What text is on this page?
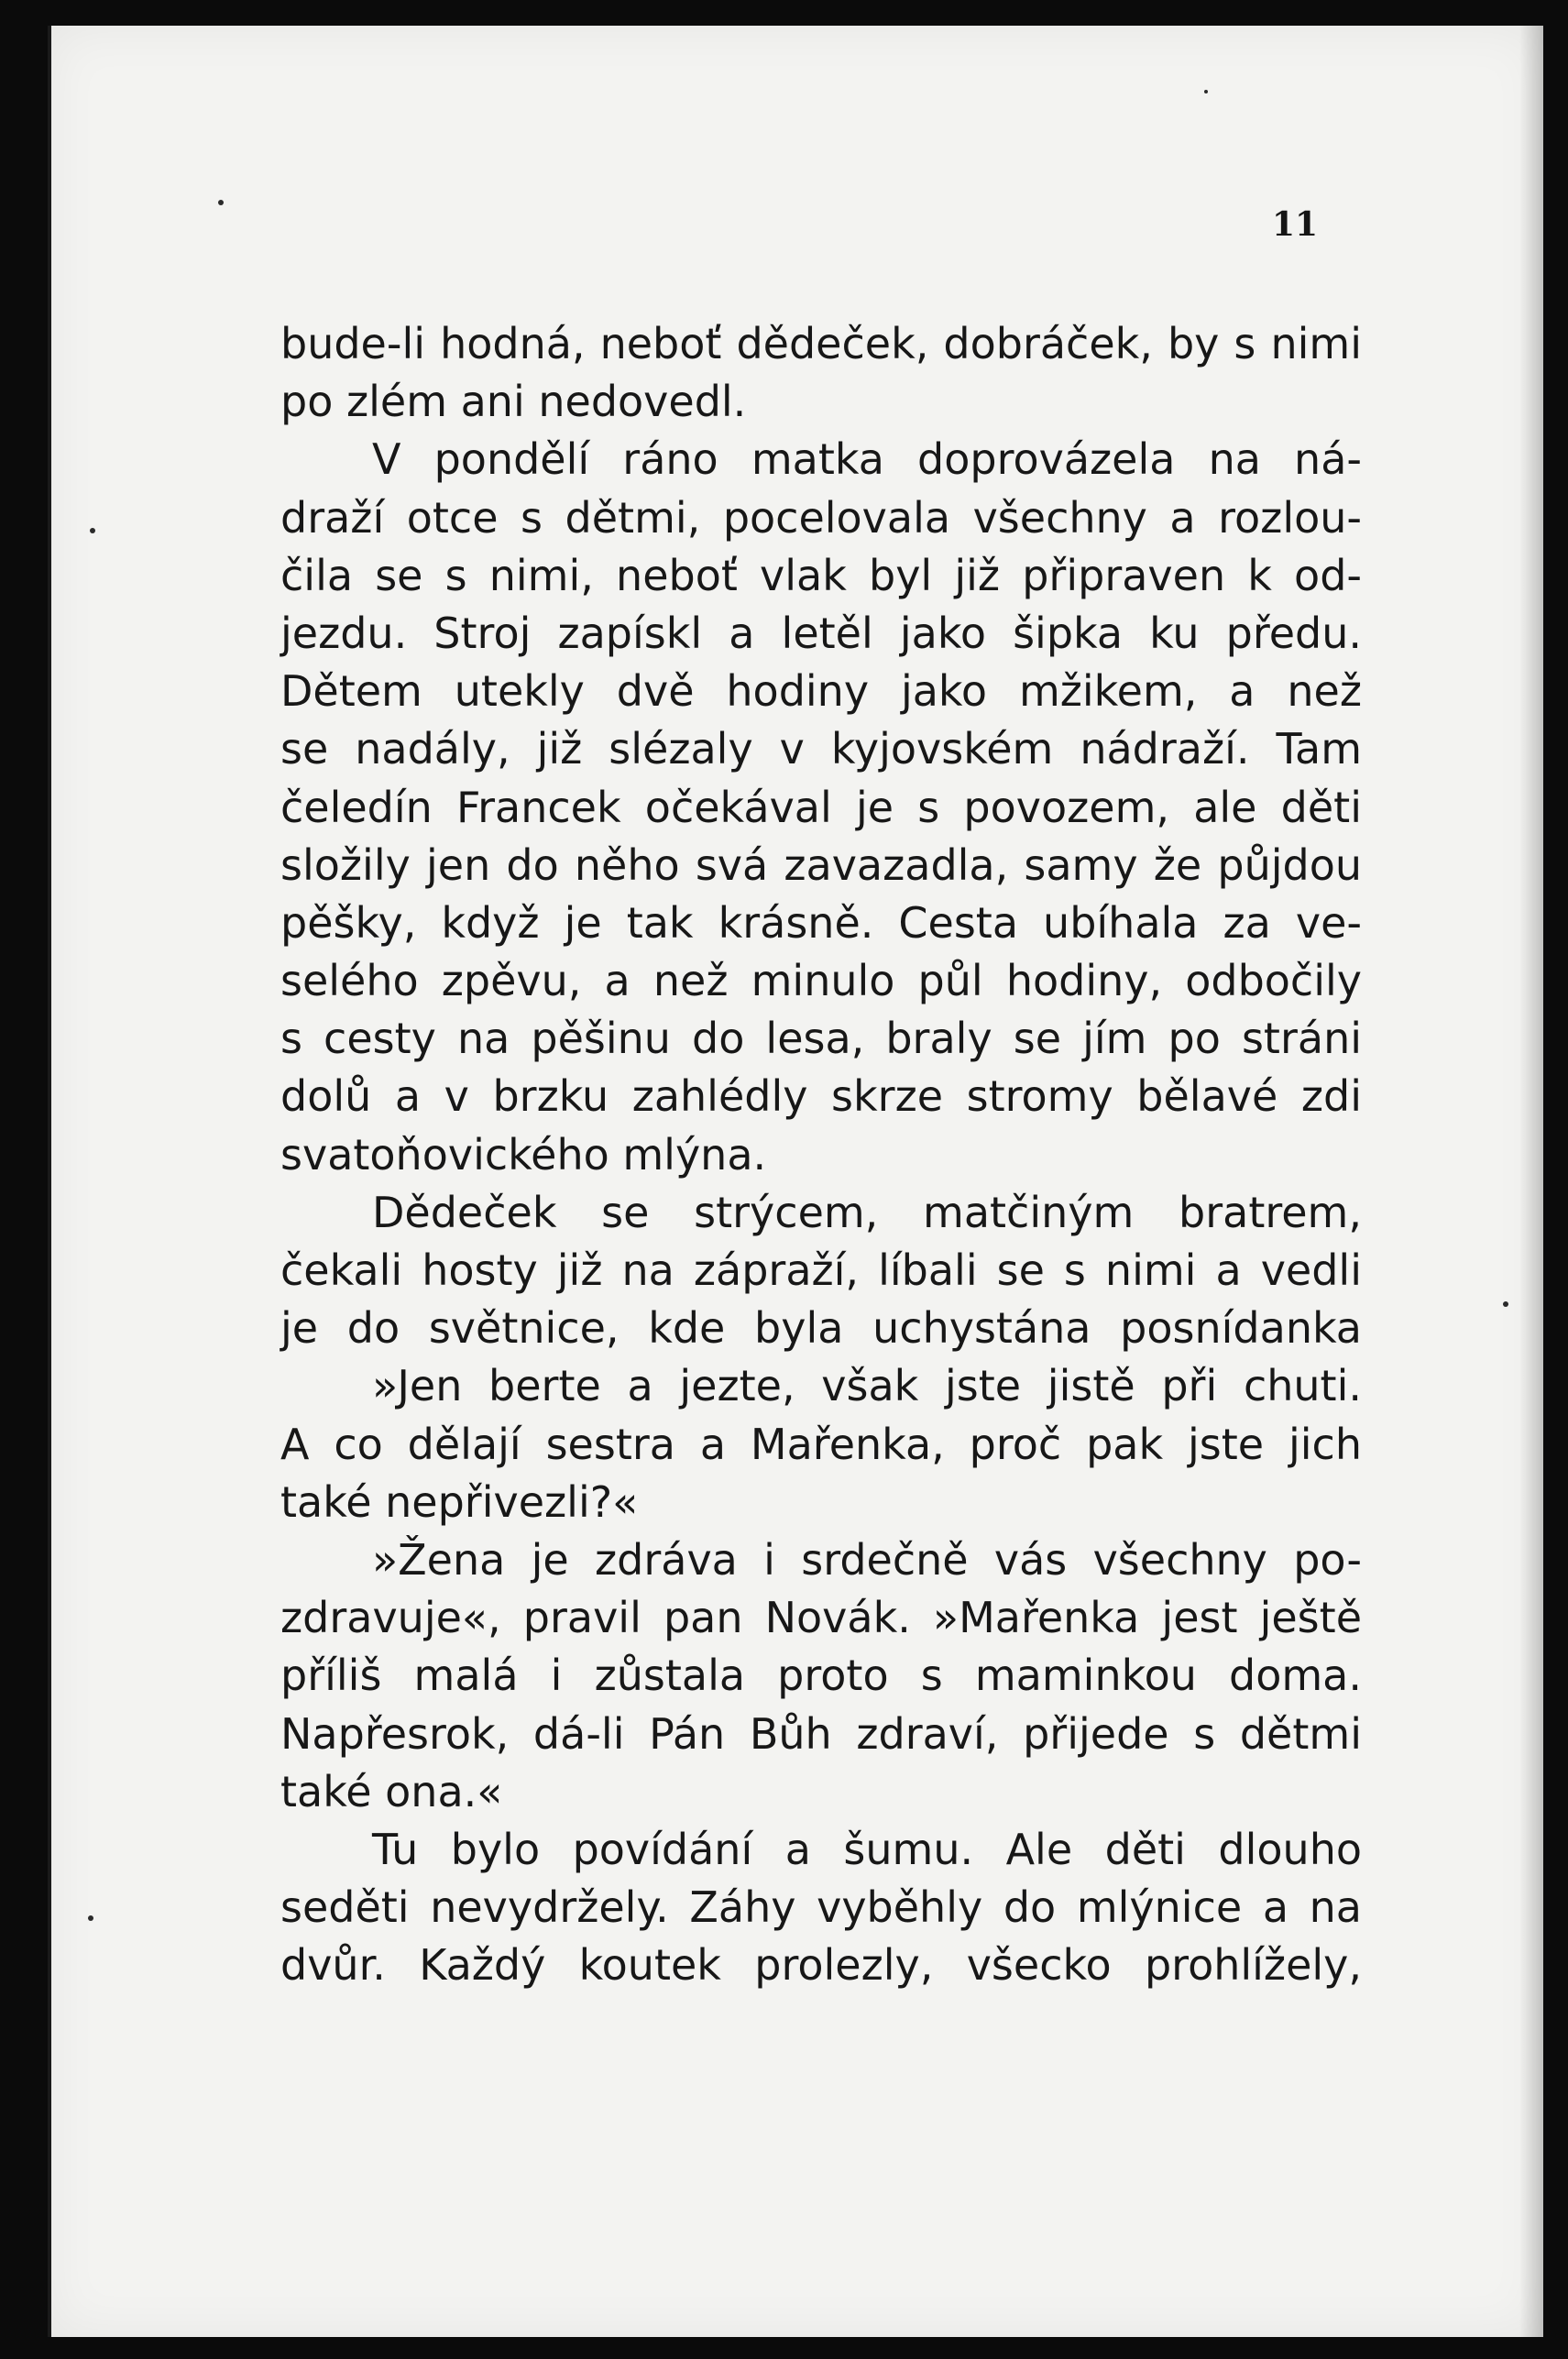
11
bude-li hodná, neboť dědeček, dobráček, by s nimi
po zlém ani nedovedl.
V pondělí ráno matka doprovázela na ná-
draží otce s dětmi, pocelovala všechny a rozlou-
čila se s nimi, neboť vlak byl již připraven k od-
jezdu. Stroj zapískl a letěl jako šipka ku předu.
Dětem utekly dvě hodiny jako mžikem, a než
se nadály, již slézaly v kyjovském nádraží. Tam
čeledín Francek očekával je s povozem, ale děti
složily jen do něho svá zavazadla, samy že půjdou
pěšky, když je tak krásně. Cesta ubíhala za ve-
selého zpěvu, a než minulo půl hodiny, odbočily
s cesty na pěšinu do lesa, braly se jím po stráni
dolů a v brzku zahlédly skrze stromy bělavé zdi
svatoňovického mlýna.
Dědeček se strýcem, matčiným bratrem,
čekali hosty již na zápraží, líbali se s nimi a vedli
je do světnice, kde byla uchystána posnídanka
»Jen berte a jezte, však jste jistě při chuti.
A co dělají sestra a Mařenka, proč pak jste jich
také nepřivezli?«
»Žena je zdráva i srdečně vás všechny po-
zdravuje«, pravil pan Novák. »Mařenka jest ještě
příliš malá i zůstala proto s maminkou doma.
Napřesrok, dá-li Pán Bůh zdraví, přijede s dětmi
také ona.«
Tu bylo povídání a šumu. Ale děti dlouho
seděti nevydržely. Záhy vyběhly do mlýnice a na
dvůr. Každý koutek prolezly, všecko prohlížely,
